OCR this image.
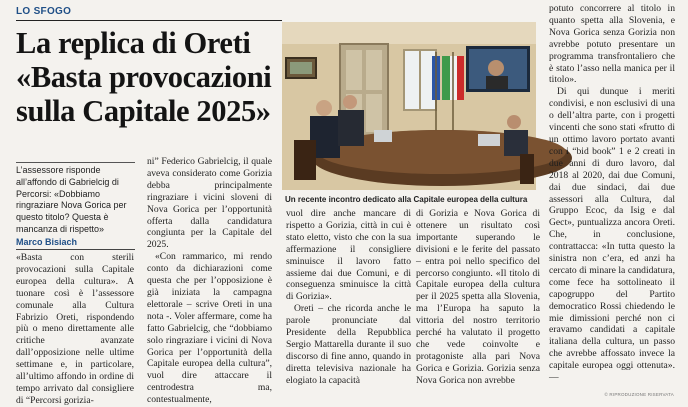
LO SFOGO
La replica di Oreti «Basta provocazioni sulla Capitale 2025»
Un recente incontro dedicato alla Capitale europea della cultura
L’assessore risponde all’affondo di Gabrielcig di Percorsi: «Dobbiamo ringraziare Nova Gorica per questo titolo? Questa è mancanza di rispetto»
Marco Bisiach

«Basta con sterili provocazioni sulla Capitale europea della cultura». A tuonare così è l’assessore comunale alla Cultura Fabrizio Oreti, rispondendo più o meno direttamente alle critiche avanzate dall’opposizione nelle ultime settimane e, in particolare, all’ultimo affondo in ordine di tempo arrivato dal consigliere di “Percorsi gorizia-

ni” Federico Gabrielcig, il quale aveva considerato come Gorizia debba principalmente ringraziare i vicini sloveni di Nova Gorica per l’opportunità offerta dalla candidatura congiunta per la Capitale del 2025.

«Con rammarico, mi rendo conto da dichiarazioni come questa che per l’opposizione è già iniziata la campagna elettorale – scrive Oreti in una nota -. Voler affermare, come ha fatto Gabrielcig, che “dobbiamo solo ringraziare i vicini di Nova Gorica per l’opportunità della Capitale europea della cultura”, vuol dire attaccare il centrodestra ma, contestualmente,

vuol dire anche mancare di rispetto a Gorizia, città in cui è stato eletto, visto che con la sua affermazione il consigliere sminuisce il lavoro fatto assieme dai due Comuni, e di conseguenza sminuisce la città di Gorizia».

Oreti – che ricorda anche le parole pronunciate dal Presidente della Repubblica Sergio Mattarella durante il suo discorso di fine anno, quando in diretta televisiva nazionale ha elogiato la capacità

di Gorizia e Nova Gorica di ottenere un risultato così importante superando le divisioni e le ferite del passato – entra poi nello specifico del percorso congiunto. «Il titolo di Capitale europea della cultura per il 2025 spetta alla Slovenia, ma l’Europa ha saputo la vittoria del nostro territorio perché ha valutato il progetto che vede coinvolte e protagoniste alla pari Nova Gorica e Gorizia. Gorizia senza Nova Gorica non avrebbe

potuto concorrere al titolo in quanto spetta alla Slovenia, e Nova Gorica senza Gorizia non avrebbe potuto presentare un programma transfrontaliero che è stato l’asso nella manica per il titolo».

Di qui dunque i meriti condivisi, e non esclusivi di una o dell’altra parte, con i progetti vincenti che sono stati «frutto di un ottimo lavoro portato avanti con i “bid book” 1 e 2 creati in due anni di duro lavoro, dal 2018 al 2020, dai due Comuni, dai due sindaci, dai due assessori alla Cultura, dal Gruppo Ecoc, da Isig e dal Gect», puntualizza ancora Oreti. Che, in conclusione, contrattacca: «In tutta questo la sinistra non c’era, ed anzi ha cercato di minare la candidatura, come fece ha sottolineato il capogruppo del Partito democratico Rossi chiedendo le mie dimissioni perché non ci eravamo candidati a capitale italiana della cultura, un passo che avrebbe affossato invece la capitale europea oggi ottenuta». —

© RIPRODUZIONE RISERVATA
